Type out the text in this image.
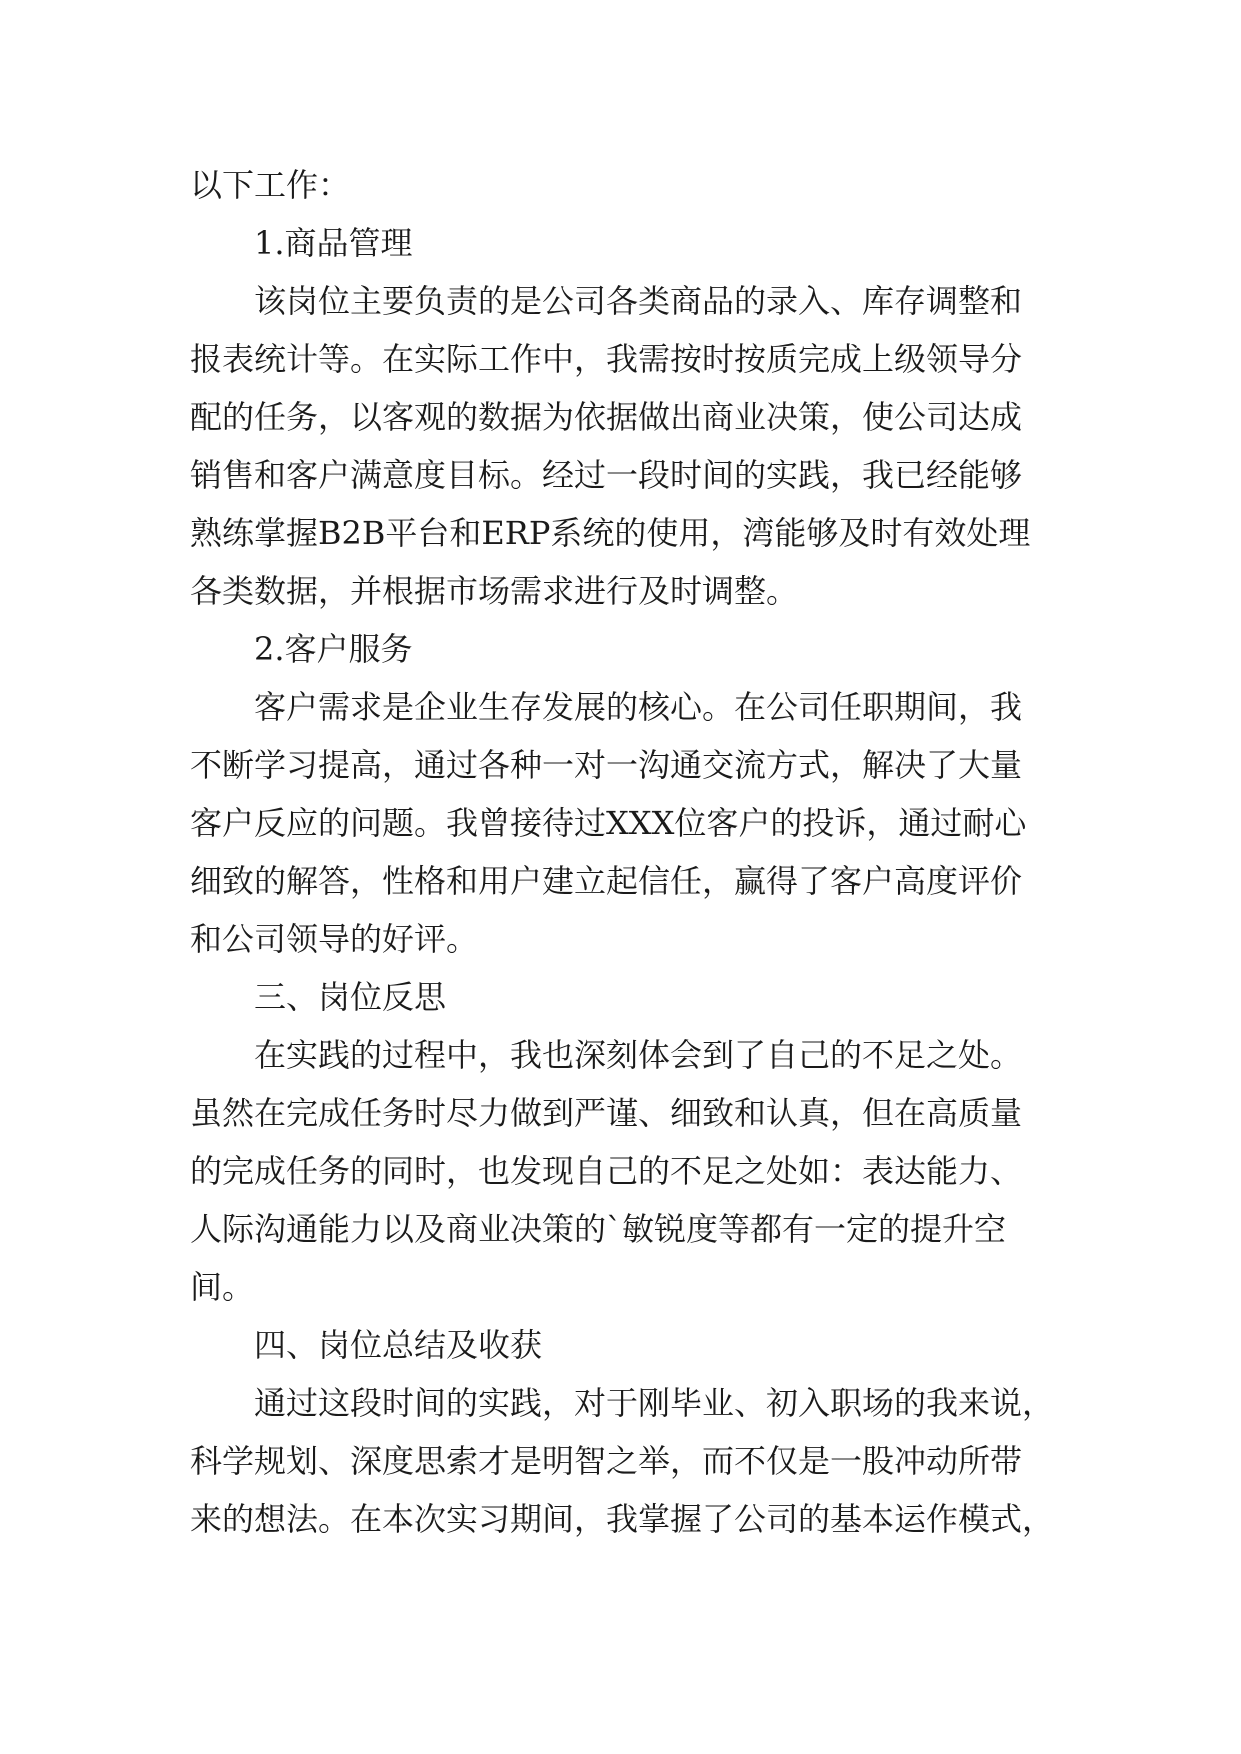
以下工作：
1.商品管理
该岗位主要负责的是公司各类商品的录入、库存调整和
报表统计等。在实际工作中，我需按时按质完成上级领导分
配的任务，以客观的数据为依据做出商业决策，使公司达成
销售和客户满意度目标。经过一段时间的实践，我已经能够
熟练掌握B2B平台和ERP系统的使用，湾能够及时有效处理
各类数据，并根据市场需求进行及时调整。
2.客户服务
客户需求是企业生存发展的核心。在公司任职期间，我
不断学习提高，通过各种一对一沟通交流方式，解决了大量
客户反应的问题。我曾接待过XXX位客户的投诉，通过耐心
细致的解答，性格和用户建立起信任，赢得了客户高度评价
和公司领导的好评。
三、岗位反思
在实践的过程中，我也深刻体会到了自己的不足之处。
虽然在完成任务时尽力做到严谨、细致和认真，但在高质量
的完成任务的同时，也发现自己的不足之处如：表达能力、
人际沟通能力以及商业决策的`敏锐度等都有一定的提升空
间。
四、岗位总结及收获
通过这段时间的实践，对于刚毕业、初入职场的我来说，
科学规划、深度思索才是明智之举，而不仅是一股冲动所带
来的想法。在本次实习期间，我掌握了公司的基本运作模式，
